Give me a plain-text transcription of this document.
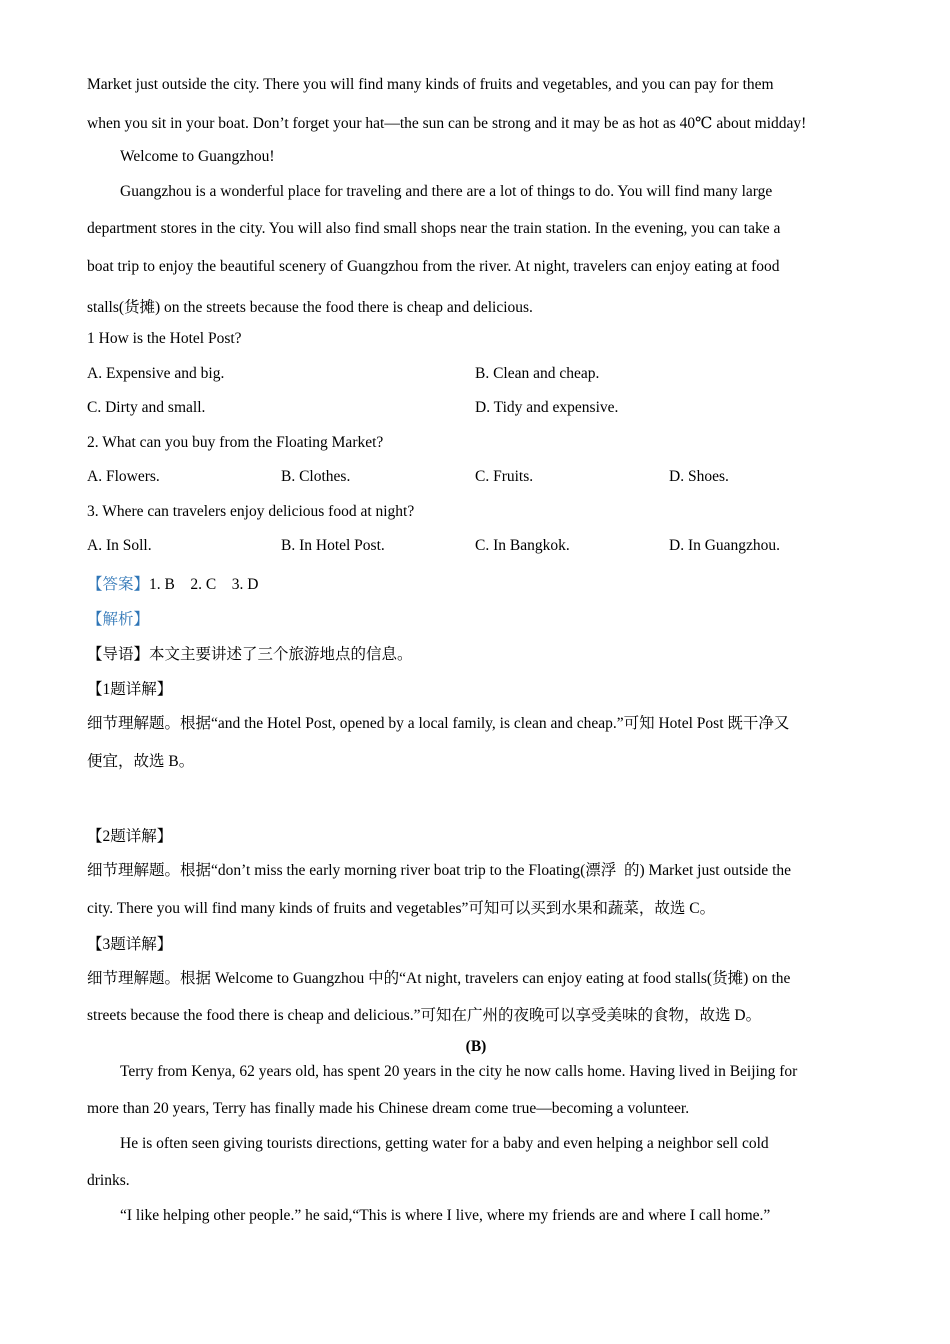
Market just outside the city. There you will find many kinds of fruits and vegetables, and you can pay for them
when you sit in your boat. Don’t forget your hat—the sun can be strong and it may be as hot as 40℃ about midday!
Welcome to Guangzhou!
Guangzhou is a wonderful place for traveling and there are a lot of things to do. You will find many large
department stores in the city. You will also find small shops near the train station. In the evening, you can take a
boat trip to enjoy the beautiful scenery of Guangzhou from the river. At night, travelers can enjoy eating at food
stalls(货摊) on the streets because the food there is cheap and delicious.
1 How is the Hotel Post?
A. Expensive and big.	B. Clean and cheap.
C. Dirty and small.	D. Tidy and expensive.
2. What can you buy from the Floating Market?
A. Flowers.	B. Clothes.	C. Fruits.	D. Shoes.
3. Where can travelers enjoy delicious food at night?
A. In Soll.	B. In Hotel Post.	C. In Bangkok.	D. In Guangzhou.
【答案】1. B    2. C    3. D
【解析】
【导语】本文主要讲述了三个旅游地点的信息。
【1题详解】
细节理解题。根据“and the Hotel Post, opened by a local family, is clean and cheap.”可知 Hotel Post 既干净又
便宜，故选 B。
【2题详解】
细节理解题。根据“don’t miss the early morning river boat trip to the Floating(漂浮  的) Market just outside the
city. There you will find many kinds of fruits and vegetables”可知可以买到水果和蔬菜，故选 C。
【3题详解】
细节理解题。根据 Welcome to Guangzhou 中的“At night, travelers can enjoy eating at food stalls(货摊) on the
streets because the food there is cheap and delicious.”可知在广州的夜晚可以享受美味的食物，故选 D。
(B)
Terry from Kenya, 62 years old, has spent 20 years in the city he now calls home. Having lived in Beijing for
more than 20 years, Terry has finally made his Chinese dream come true—becoming a volunteer.
He is often seen giving tourists directions, getting water for a baby and even helping a neighbor sell cold
drinks.
“I like helping other people.” he said,“This is where I live, where my friends are and where I call home.”
